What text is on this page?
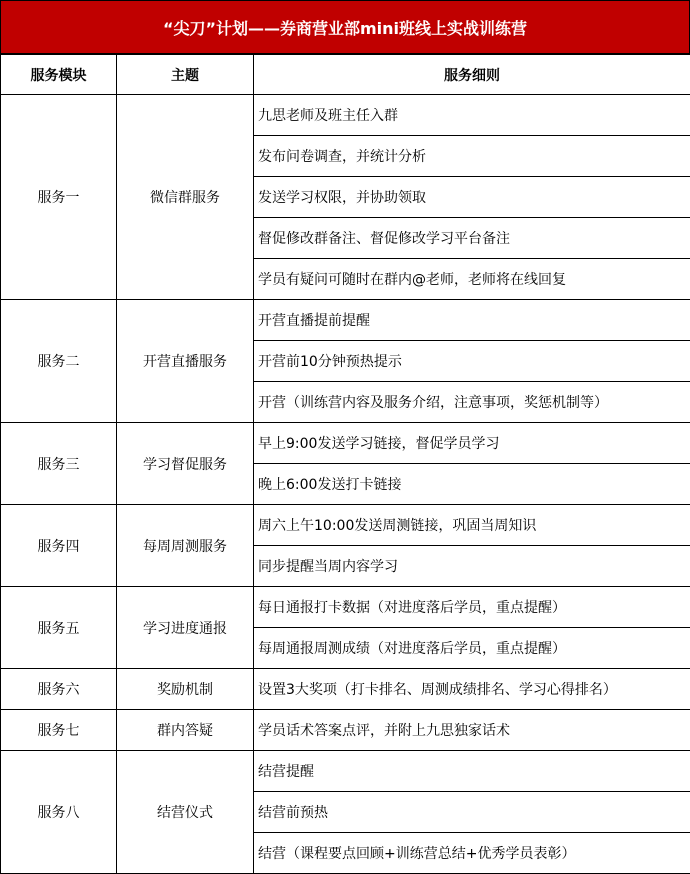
“尖刀”计划——券商营业部mini班线上实战训练营
服务模块	主题	服务细则
服务一	微信群服务	九思老师及班主任入群
		发布问卷调查，并统计分析
		发送学习权限，并协助领取
		督促修改群备注、督促修改学习平台备注
		学员有疑问可随时在群内@老师，老师将在线回复
服务二	开营直播服务	开营直播提前提醒
		开营前10分钟预热提示
		开营（训练营内容及服务介绍，注意事项，奖惩机制等）
服务三	学习督促服务	早上9:00发送学习链接，督促学员学习
		晚上6:00发送打卡链接
服务四	每周周测服务	周六上午10:00发送周测链接，巩固当周知识
		同步提醒当周内容学习
服务五	学习进度通报	每日通报打卡数据（对进度落后学员，重点提醒）
		每周通报周测成绩（对进度落后学员，重点提醒）
服务六	奖励机制	设置3大奖项（打卡排名、周测成绩排名、学习心得排名）
服务七	群内答疑	学员话术答案点评，并附上九思独家话术
服务八	结营仪式	结营提醒
		结营前预热
		结营（课程要点回顾+训练营总结+优秀学员表彰）
